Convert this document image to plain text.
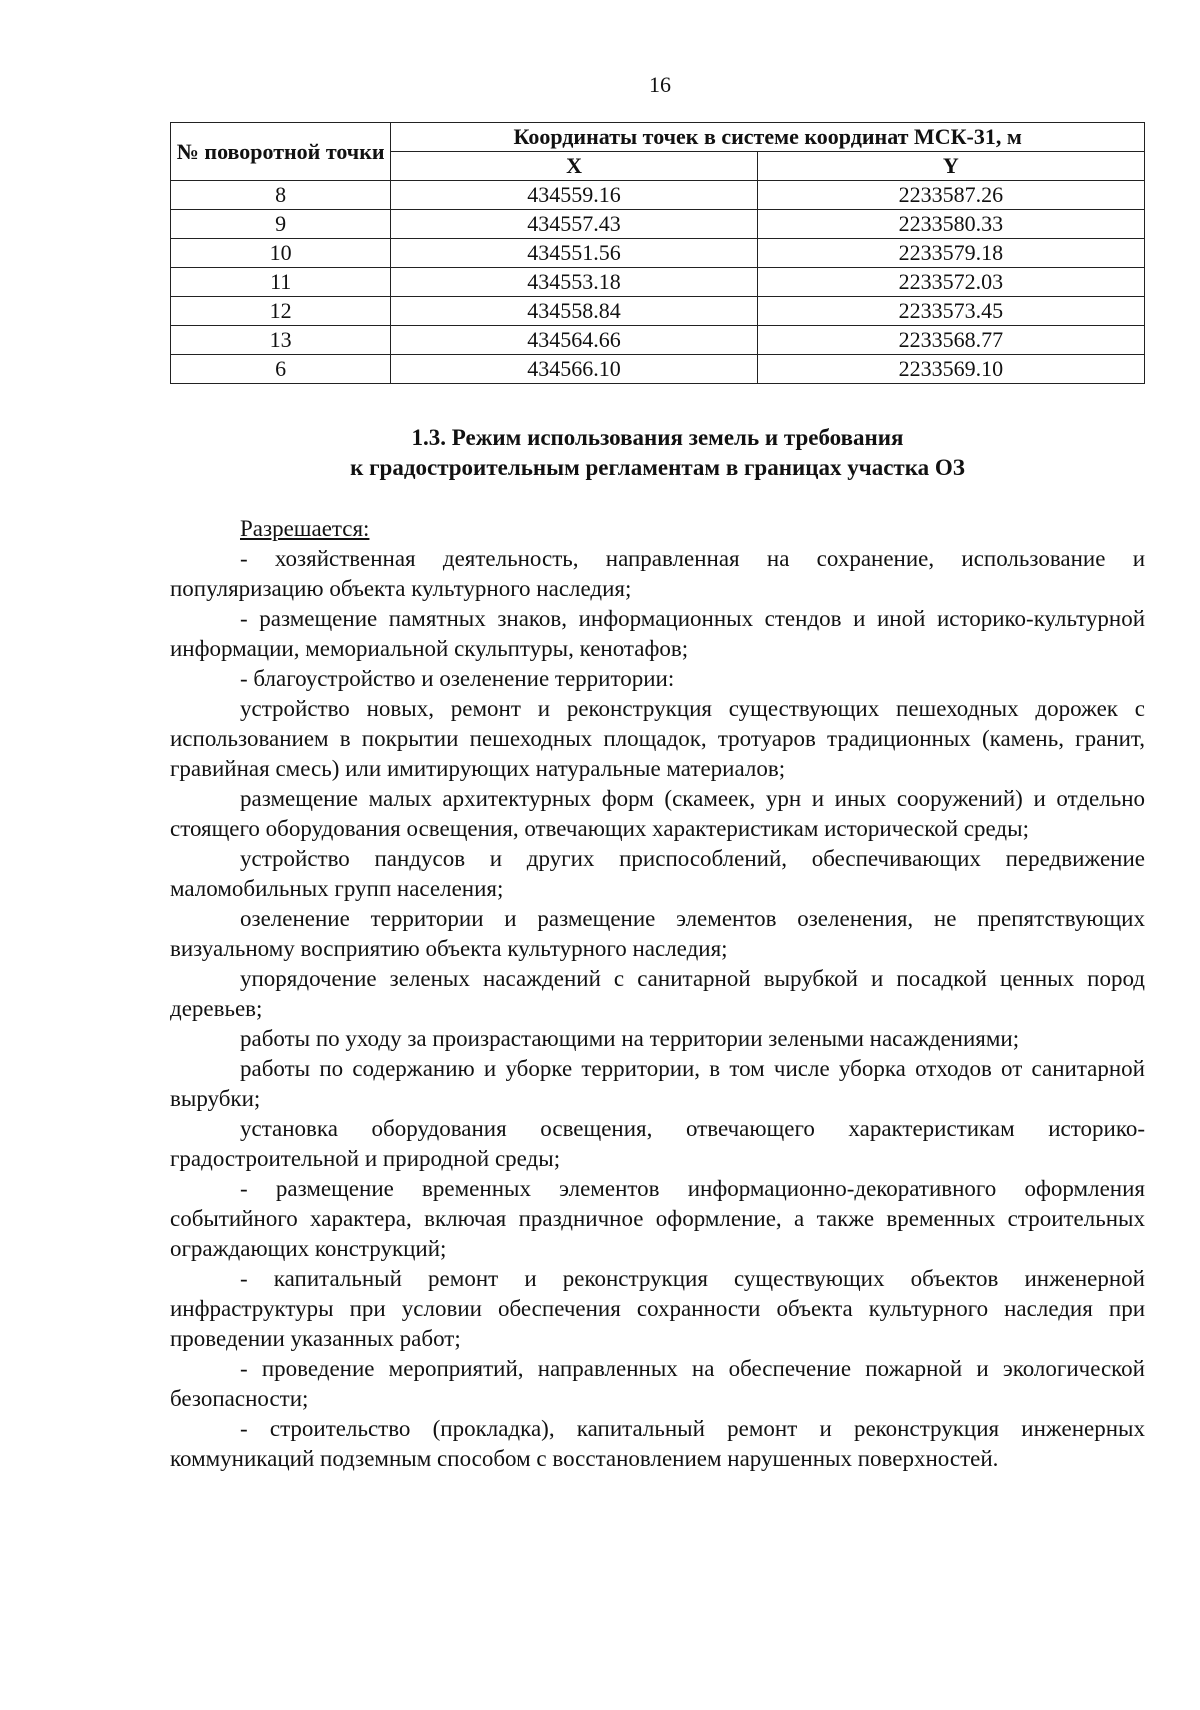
16
№ поворотной точки	Координаты точек в системе координат МСК-31, м	
	X	Y
8	434559.16	2233587.26
9	434557.43	2233580.33
10	434551.56	2233579.18
11	434553.18	2233572.03
12	434558.84	2233573.45
13	434564.66	2233568.77
6	434566.10	2233569.10
1.3. Режим использования земель и требования
к градостроительным регламентам в границах участка ОЗ

Разрешается:

- хозяйственная деятельность, направленная на сохранение, использование и популяризацию объекта культурного наследия;

- размещение памятных знаков, информационных стендов и иной историко-культурной информации, мемориальной скульптуры, кенотафов;

- благоустройство и озеленение территории:

устройство новых, ремонт и реконструкция существующих пешеходных дорожек с использованием в покрытии пешеходных площадок, тротуаров традиционных (камень, гранит, гравийная смесь) или имитирующих натуральные материалов;

размещение малых архитектурных форм (скамеек, урн и иных сооружений) и отдельно стоящего оборудования освещения, отвечающих характеристикам исторической среды;

устройство пандусов и других приспособлений, обеспечивающих передвижение маломобильных групп населения;

озеленение территории и размещение элементов озеленения, не препятствующих визуальному восприятию объекта культурного наследия;

упорядочение зеленых насаждений с санитарной вырубкой и посадкой ценных пород деревьев;

работы по уходу за произрастающими на территории зелеными насаждениями;

работы по содержанию и уборке территории, в том числе уборка отходов от санитарной вырубки;

установка оборудования освещения, отвечающего характеристикам историко-градостроительной и природной среды;

- размещение временных элементов информационно-декоративного оформления событийного характера, включая праздничное оформление, а также временных строительных ограждающих конструкций;

- капитальный ремонт и реконструкция существующих объектов инженерной инфраструктуры при условии обеспечения сохранности объекта культурного наследия при проведении указанных работ;

- проведение мероприятий, направленных на обеспечение пожарной и экологической безопасности;

- строительство (прокладка), капитальный ремонт и реконструкция инженерных коммуникаций подземным способом с восстановлением нарушенных поверхностей.
